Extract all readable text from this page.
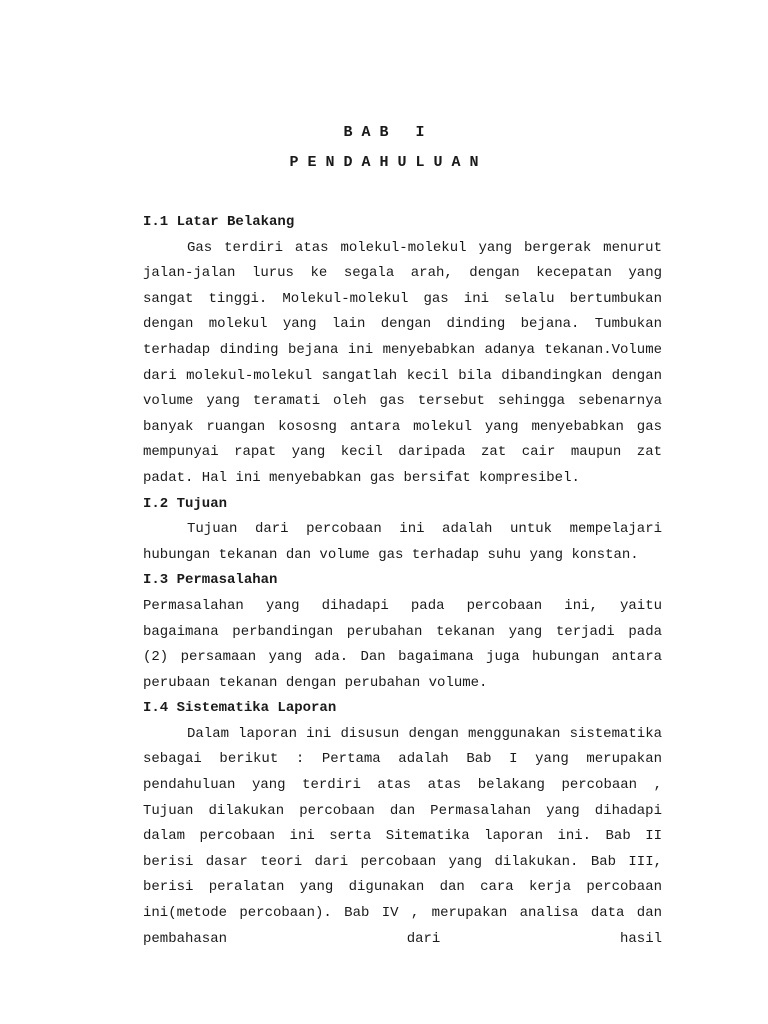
B A B   I
P E N D A H U L U A N

I.1 Latar Belakang

Gas terdiri atas molekul-molekul yang bergerak menurut jalan-jalan lurus ke segala arah, dengan kecepatan yang sangat tinggi. Molekul-molekul gas ini selalu bertumbukan dengan molekul yang lain dengan dinding bejana. Tumbukan terhadap dinding bejana ini menyebabkan adanya tekanan.Volume dari molekul-molekul sangatlah kecil bila dibandingkan dengan volume yang teramati oleh gas tersebut sehingga sebenarnya banyak ruangan kososng antara molekul yang menyebabkan gas mempunyai rapat yang kecil daripada zat cair maupun zat padat. Hal ini menyebabkan gas bersifat kompresibel.

I.2 Tujuan

Tujuan dari percobaan ini adalah untuk mempelajari hubungan tekanan dan volume gas terhadap suhu yang konstan.

I.3 Permasalahan

Permasalahan yang dihadapi pada percobaan ini, yaitu bagaimana perbandingan perubahan tekanan yang terjadi pada (2) persamaan yang ada. Dan bagaimana juga hubungan antara perubaan tekanan dengan perubahan volume.

I.4 Sistematika Laporan

Dalam laporan ini disusun dengan menggunakan sistematika sebagai berikut : Pertama adalah Bab I yang merupakan pendahuluan yang terdiri atas atas belakang percobaan , Tujuan dilakukan percobaan dan Permasalahan yang dihadapi dalam percobaan ini serta Sitematika laporan ini. Bab II berisi dasar teori dari percobaan yang dilakukan. Bab III, berisi peralatan yang digunakan dan cara kerja percobaan ini(metode percobaan). Bab IV , merupakan analisa data dan pembahasan dari hasil
